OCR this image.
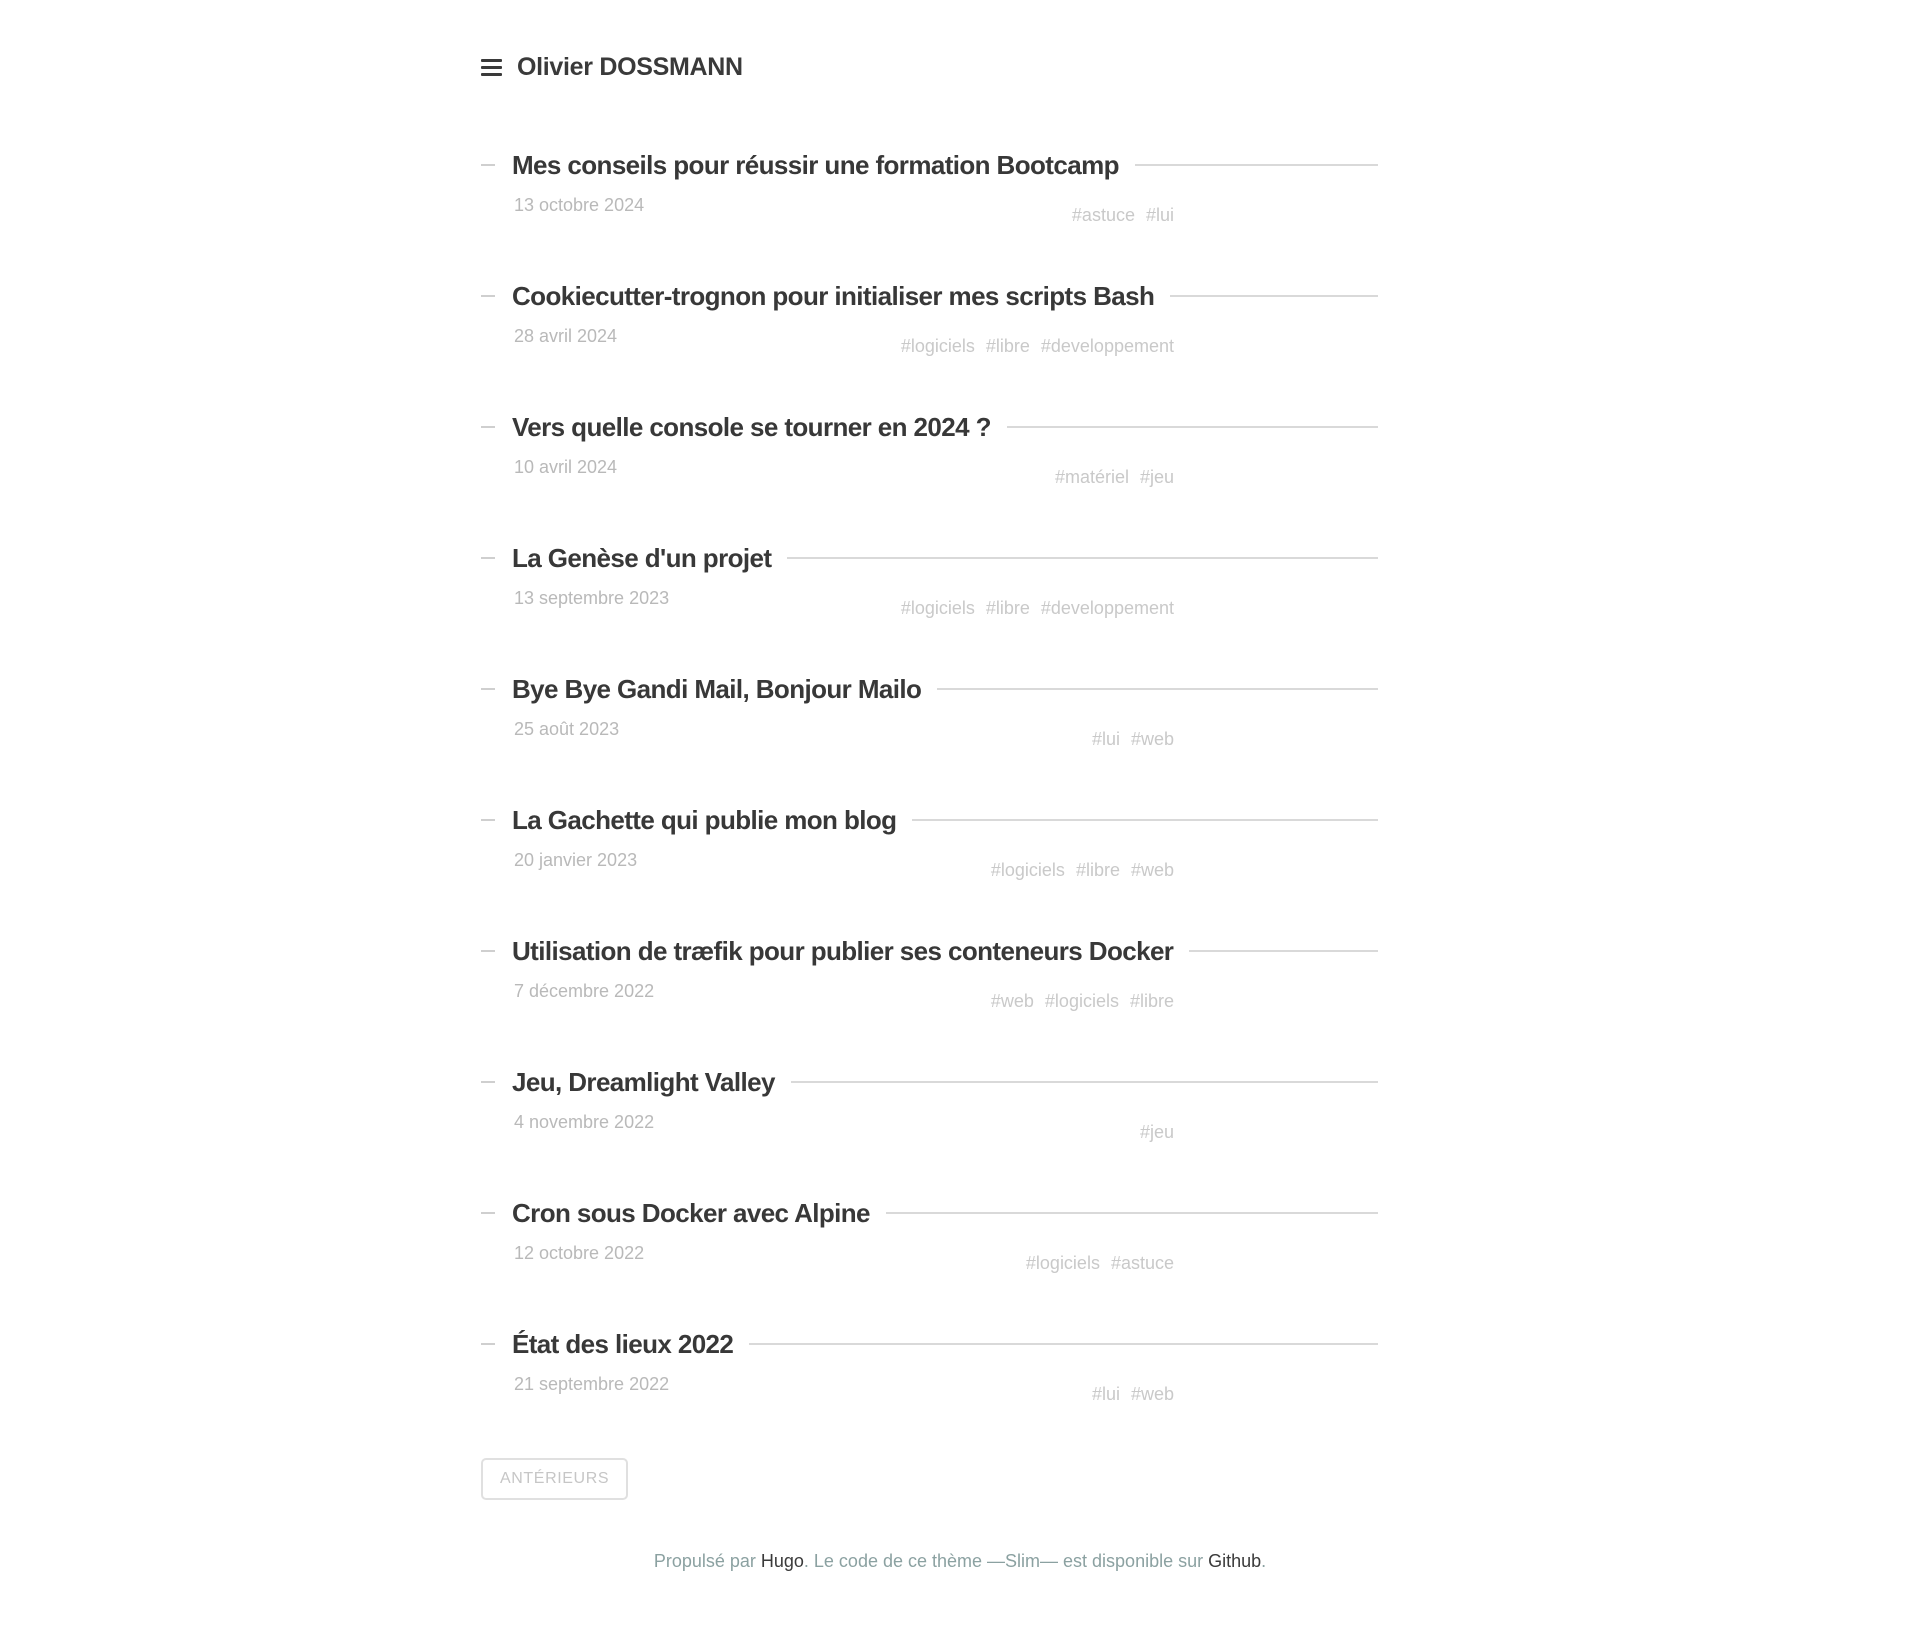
Olivier DOSSMANN
Mes conseils pour réussir une formation Bootcamp
13 octobre 2024	#astuce #lui
Cookiecutter-trognon pour initialiser mes scripts Bash
28 avril 2024	#logiciels #libre #developpement
Vers quelle console se tourner en 2024 ?
10 avril 2024	#matériel #jeu
La Genèse d'un projet
13 septembre 2023	#logiciels #libre #developpement
Bye Bye Gandi Mail, Bonjour Mailo
25 août 2023	#lui #web
La Gachette qui publie mon blog
20 janvier 2023	#logiciels #libre #web
Utilisation de træfik pour publier ses conteneurs Docker
7 décembre 2022	#web #logiciels #libre
Jeu, Dreamlight Valley
4 novembre 2022	#jeu
Cron sous Docker avec Alpine
12 octobre 2022	#logiciels #astuce
État des lieux 2022
21 septembre 2022	#lui #web
ANTÉRIEURS
Propulsé par Hugo. Le code de ce thème —Slim— est disponible sur Github.
